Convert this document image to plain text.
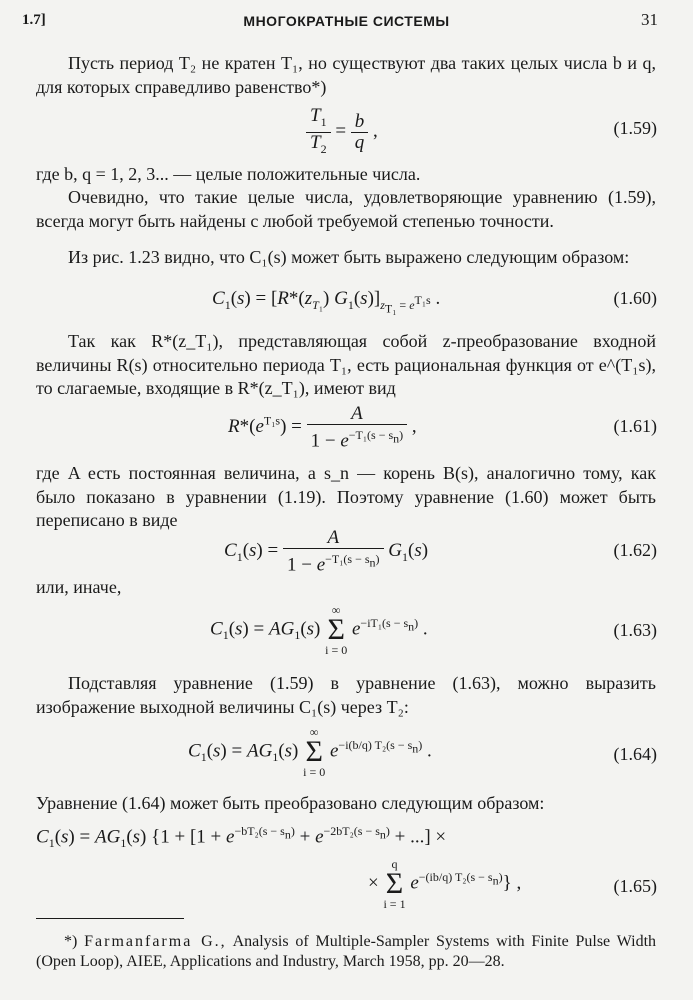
1.7]	МНОГОКРАТНЫЕ СИСТЕМЫ	31
Пусть период T₂ не кратен T₁, но существуют два таких целых числа b и q, для которых справедливо равенство*)
$\frac{T_1}{T_2} = \frac{b}{q}$ ,	(1.59)
где b, q = 1, 2, 3... — целые положительные числа.
Очевидно, что такие целые числа, удовлетворяющие уравнению (1.59), всегда могут быть найдены с любой требуемой степенью точности.
Из рис. 1.23 видно, что C₁(s) может быть выражено следующим образом:
$C_1(s) = [R*(z_{T_1})$ $G_1(s)]_{z_{T_1} = e^{T_1s}}$ .	(1.60)
Так как R*(z_T₁), представляющая собой z-преобразование входной величины R(s) относительно периода T₁, есть рациональная функция от e^(T₁s), то слагаемые, входящие в R*(z_T₁), имеют вид
$R*(e^{T_1s}) = \frac{A}{1 - e^{-T_1(s - s_n)}}$ ,	(1.61)
где A есть постоянная величина, а s_n — корень B(s), аналогично тому, как было показано в уравнении (1.19). Поэтому уравнение (1.60) может быть переписано в виде
$C_1(s) = \frac{A}{1 - e^{-T_1(s - s_n)}} G_1(s)$	(1.62)
или, иначе,
$C_1(s) = AG_1(s)$
∞
Σ
i = 0
$e^{-iT_1(s - s_n)}$ .	(1.63)
Подставляя уравнение (1.59) в уравнение (1.63), можно выразить изображение выходной величины C₁(s) через T₂:
$C_1(s) = AG_1(s)$
∞
Σ
i = 0
$e^{-i(b/q) T_2(s - s_n)}$ .	(1.64)
Уравнение (1.64) может быть преобразовано следующим образом:
$C_1(s) = AG_1(s) \{1 + [1 + e^{-bT_2(s - s_n)} + e^{-2bT_2(s - s_n)}$ + ...] ×
×
q
Σ
i = 1
$e^{-(ib/q) T_2(s - s_n)}$} ,	(1.65)
*) Farmanfarma G., Analysis of Multiple-Sampler Systems with Finite Pulse Width (Open Loop), AIEE, Applications and Industry, March 1958, pp. 20—28.
